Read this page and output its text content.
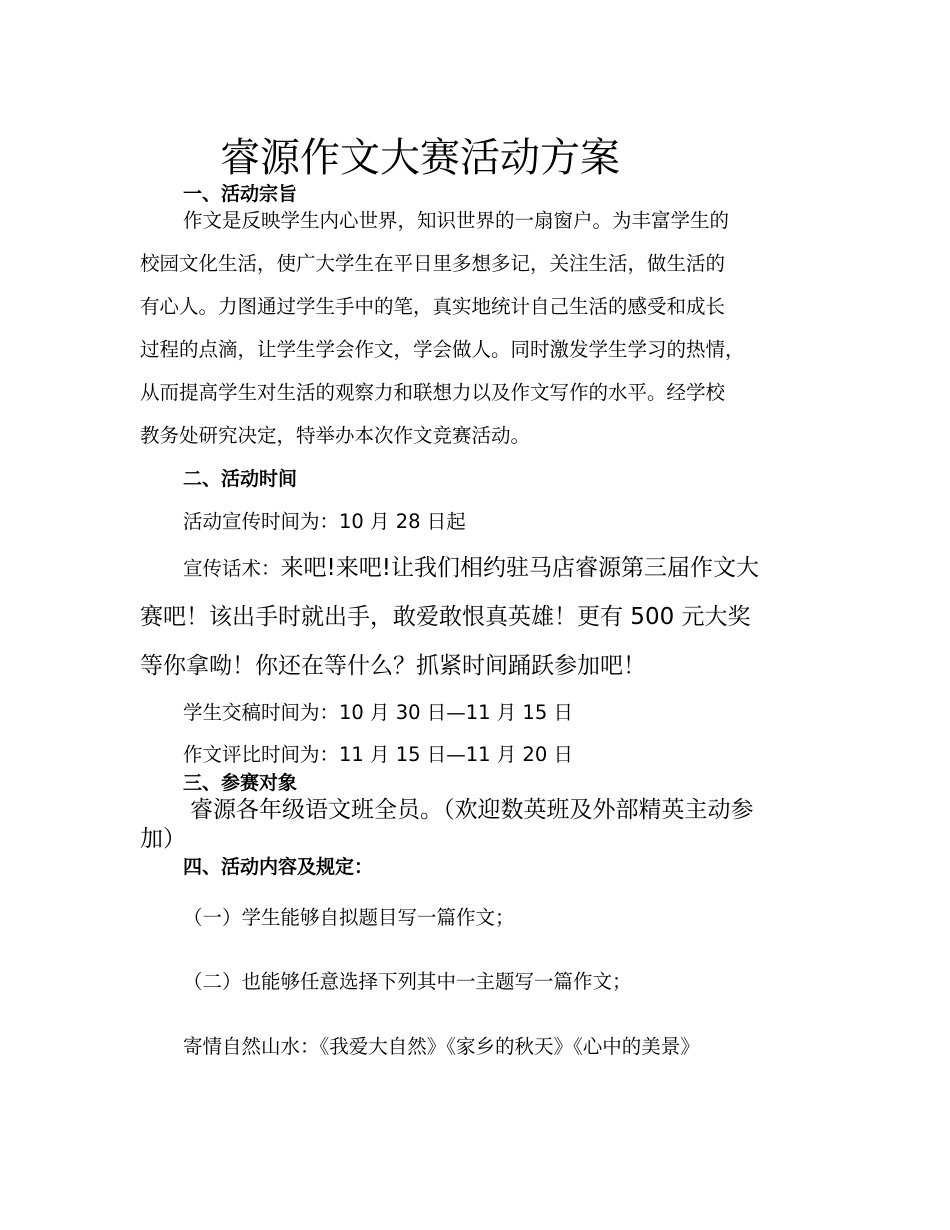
睿源作文大赛活动方案
一、活动宗旨
作文是反映学生内心世界，知识世界的一扇窗户。为丰富学生的
校园文化生活，使广大学生在平日里多想多记，关注生活，做生活的
有心人。力图通过学生手中的笔，真实地统计自己生活的感受和成长
过程的点滴，让学生学会作文，学会做人。同时激发学生学习的热情，
从而提高学生对生活的观察力和联想力以及作文写作的水平。经学校
教务处研究决定，特举办本次作文竞赛活动。
二、活动时间
活动宣传时间为：10 月 28 日起
宣传话术：来吧!来吧!让我们相约驻马店睿源第三届作文大
赛吧！该出手时就出手，敢爱敢恨真英雄！更有 500 元大奖
等你拿呦！你还在等什么？抓紧时间踊跃参加吧！
学生交稿时间为：10 月 30 日—11 月 15 日
作文评比时间为：11 月 15 日—11 月 20 日
三、参赛对象
睿源各年级语文班全员。（欢迎数英班及外部精英主动参
加）
四、活动内容及规定：
（一）学生能够自拟题目写一篇作文；
（二）也能够任意选择下列其中一主题写一篇作文；
寄情自然山水：《我爱大自然》《家乡的秋天》《心中的美景》
